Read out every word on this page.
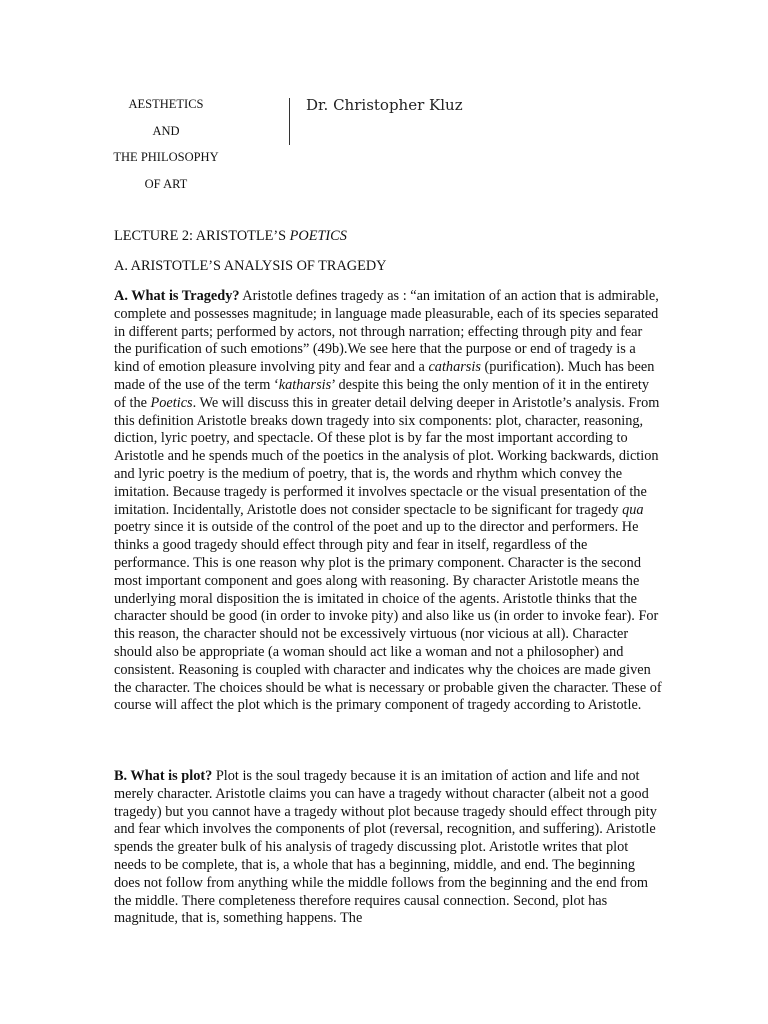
AESTHETICS
AND
THE PHILOSOPHY
OF ART
Dr. Christopher Kluz
LECTURE 2: ARISTOTLE’S POETICS
A. ARISTOTLE’S ANALYSIS OF TRAGEDY

A. What is Tragedy? Aristotle defines tragedy as : “an imitation of an action that is admirable, complete and possesses magnitude; in language made pleasurable, each of its species separated in different parts; performed by actors, not through narration; effecting through pity and fear the purification of such emotions” (49b).We see here that the purpose or end of tragedy is a kind of emotion pleasure involving pity and fear and a catharsis (purification). Much has been made of the use of the term ‘katharsis’ despite this being the only mention of it in the entirety of the Poetics. We will discuss this in greater detail delving deeper in Aristotle’s analysis. From this definition Aristotle breaks down tragedy into six components: plot, character, reasoning, diction, lyric poetry, and spectacle. Of these plot is by far the most important according to Aristotle and he spends much of the poetics in the analysis of plot. Working backwards, diction and lyric poetry is the medium of poetry, that is, the words and rhythm which convey the imitation. Because tragedy is performed it involves spectacle or the visual presentation of the imitation. Incidentally, Aristotle does not consider spectacle to be significant for tragedy qua poetry since it is outside of the control of the poet and up to the director and performers. He thinks a good tragedy should effect through pity and fear in itself, regardless of the performance. This is one reason why plot is the primary component. Character is the second most important component and goes along with reasoning. By character Aristotle means the underlying moral disposition the is imitated in choice of the agents. Aristotle thinks that the character should be good (in order to invoke pity) and also like us (in order to invoke fear). For this reason, the character should not be excessively virtuous (nor vicious at all). Character should also be appropriate (a woman should act like a woman and not a philosopher) and consistent. Reasoning is coupled with character and indicates why the choices are made given the character. The choices should be what is necessary or probable given the character. These of course will affect the plot which is the primary component of tragedy according to Aristotle.

B. What is plot? Plot is the soul tragedy because it is an imitation of action and life and not merely character. Aristotle claims you can have a tragedy without character (albeit not a good tragedy) but you cannot have a tragedy without plot because tragedy should effect through pity and fear which involves the components of plot (reversal, recognition, and suffering). Aristotle spends the greater bulk of his analysis of tragedy discussing plot. Aristotle writes that plot needs to be complete, that is, a whole that has a beginning, middle, and end. The beginning does not follow from anything while the middle follows from the beginning and the end from the middle. There completeness therefore requires causal connection. Second, plot has magnitude, that is, something happens. The
